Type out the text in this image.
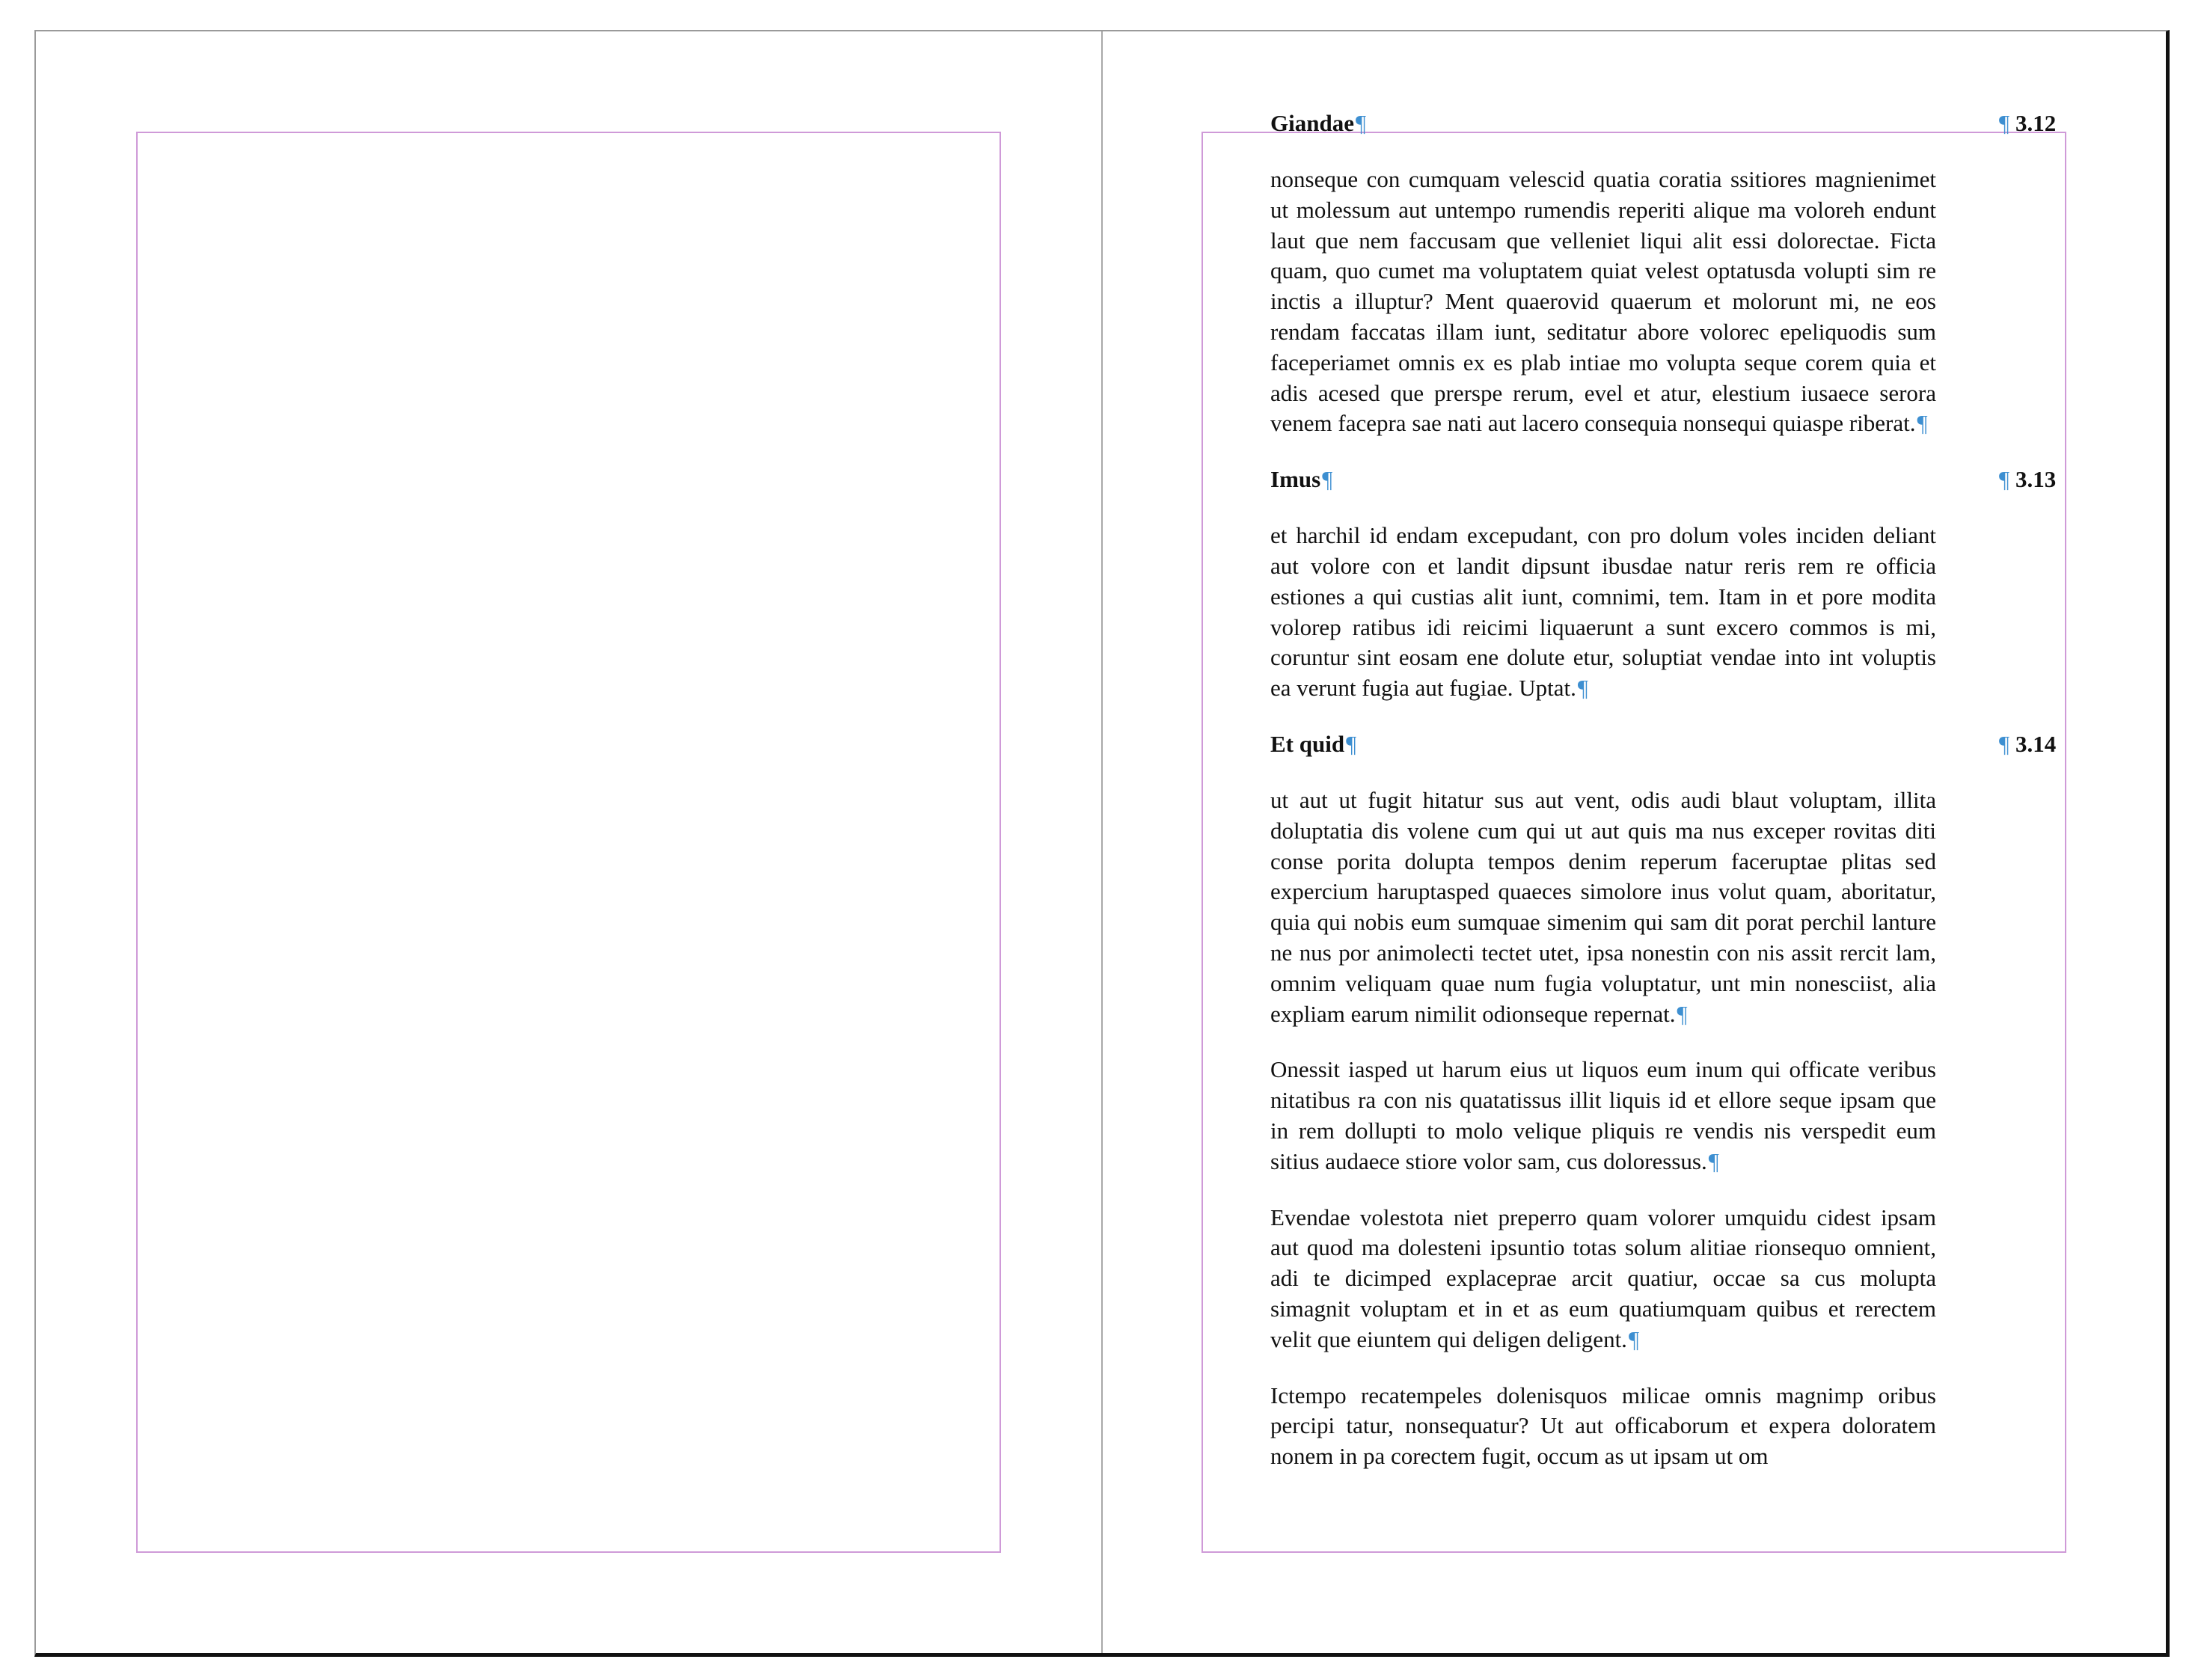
Giandae¶	¶ 3.12

nonseque con cumquam velescid quatia coratia ssitiores magnienimet ut molessum aut untempo rumendis reperiti alique ma voloreh endunt laut que nem faccusam que velleniet liqui alit essi dolorectae. Ficta quam, quo cumet ma voluptatem quiat velest optatusda volupti sim re inctis a illuptur? Ment quaerovid quaerum et molorunt mi, ne eos rendam faccatas illam iunt, seditatur abore volorec epeliquodis sum faceperiamet omnis ex es plab intiae mo volupta seque corem quia et adis acesed que prerspe rerum, evel et atur, elestium iusaece serora venem facepra sae nati aut lacero consequia nonsequi quiaspe riberat.¶

Imus¶	¶ 3.13

et harchil id endam excepudant, con pro dolum voles inciden deliant aut volore con et landit dipsunt ibusdae natur reris rem re officia estiones a qui custias alit iunt, comnimi, tem. Itam in et pore modita volorep ratibus idi reicimi liquaerunt a sunt excero commos is mi, coruntur sint eosam ene dolute etur, soluptiat vendae into int voluptis ea verunt fugia aut fugiae. Uptat.¶

Et quid¶	¶ 3.14

ut aut ut fugit hitatur sus aut vent, odis audi blaut voluptam, illita doluptatia dis volene cum qui ut aut quis ma nus exceper rovitas diti conse porita dolupta tempos denim reperum faceruptae plitas sed expercium haruptasped quaeces simolore inus volut quam, aboritatur, quia qui nobis eum sumquae simenim qui sam dit porat perchil lanture ne nus por animolecti tectet utet, ipsa nonestin con nis assit rercit lam, omnim veliquam quae num fugia voluptatur, unt min nonesciist, alia expliam earum nimilit odionseque repernat.¶

Onessit iasped ut harum eius ut liquos eum inum qui officate veribus nitatibus ra con nis quatatissus illit liquis id et ellore seque ipsam que in rem dollupti to molo velique pliquis re vendis nis verspedit eum sitius audaece stiore volor sam, cus doloressus.¶

Evendae volestota niet preperro quam volorer umquidu cidest ipsam aut quod ma dolesteni ipsuntio totas solum alitiae rionsequo omnient, adi te dicimped explaceprae arcit quatiur, occae sa cus molupta simagnit voluptam et in et as eum quatiumquam quibus et rerectem velit que eiuntem qui deligen deligent.¶

Ictempo recatempeles dolenisquos milicae omnis magnimp oribus percipi tatur, nonsequatur? Ut aut officaborum et expera doloratem nonem in pa corectem fugit, occum as ut ipsam ut om
